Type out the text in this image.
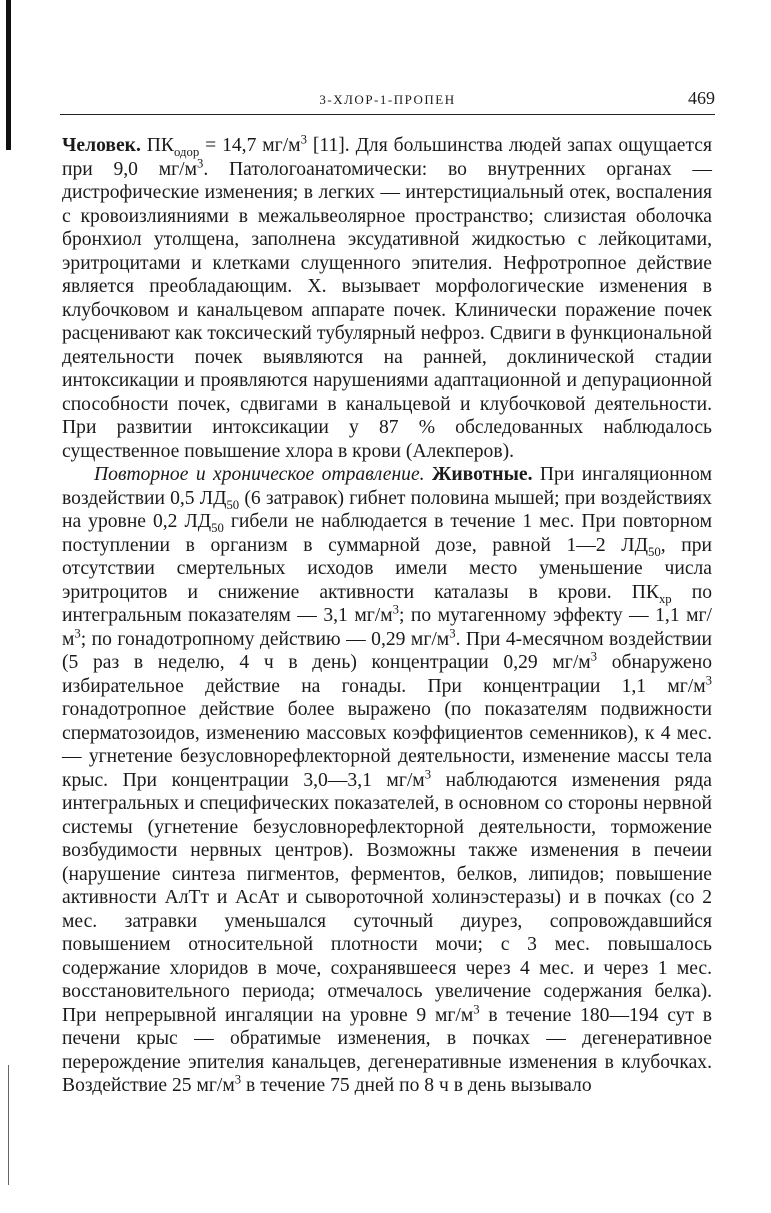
3-ХЛОР-1-ПРОПЕН	469

Человек. $ПК_{одор} = 14,7$ $мг/м^3$ [11]. Для большинства людей запах ощущается при 9,0 $мг/м^3$. Патологоанатомически: во внутренних органах — дистрофические изменения; в легких — интерстициальный отек, воспаления с кровоизлияниями в межальвеолярное пространство; слизистая оболочка бронхиол утолщена, заполнена эксудативной жидкостью с лейкоцитами, эритроцитами и клетками слущенного эпителия. Нефротропное действие является преобладающим. Х. вызывает морфологические изменения в клубочковом и канальцевом аппарате почек. Клинически поражение почек расценивают как токсический тубулярный нефроз. Сдвиги в функциональной деятельности почек выявляются на ранней, доклинической стадии интоксикации и проявляются нарушениями адаптационной и депурационной способности почек, сдвигами в канальцевой и клубочковой деятельности. При развитии интоксикации у 87 % обследованных наблюдалось существенное повышение хлора в крови (Алекперов).

Повторное и хроническое отравление. Животные. При ингаляционном воздействии 0,5 $ЛД_{50}$ (6 затравок) гибнет половина мышей; при воздействиях на уровне 0,2 $ЛД_{50}$ гибели не наблюдается в течение 1 мес. При повторном поступлении в организм в суммарной дозе, равной 1—2 $ЛД_{50}$, при отсутствии смертельных исходов имели место уменьшение числа эритроцитов и снижение активности каталазы в крови. $ПК_{хр}$ по интегральным показателям — 3,1 $мг/м^3$; по мутагенному эффекту — 1,1 $мг/м^3$; по гонадотропному действию — 0,29 $мг/м^3$. При 4-месячном воздействии (5 раз в неделю, 4 ч в день) концентрации 0,29 $мг/м^3$ обнаружено избирательное действие на гонады. При концентрации 1,1 $мг/м^3$ гонадотропное действие более выражено (по показателям подвижности сперматозоидов, изменению массовых коэффициентов семенников), к 4 мес. — угнетение безусловнорефлекторной деятельности, изменение массы тела крыс. При концентрации 3,0—3,1 $мг/м^3$ наблюдаются изменения ряда интегральных и специфических показателей, в основном со стороны нервной системы (угнетение безусловнорефлекторной деятельности, торможение возбудимости нервных центров). Возможны также изменения в печеии (нарушение синтеза пигментов, ферментов, белков, липидов; повышение активности АлТт и АсАт и сывороточной холинэстеразы) и в почках (со 2 мес. затравки уменьшался суточный диурез, сопровождавшийся повышением относительной плотности мочи; с 3 мес. повышалось содержание хлоридов в моче, сохранявшееся через 4 мес. и через 1 мес. восстановительного периода; отмечалось увеличение содержания белка). При непрерывной ингаляции на уровне 9 $мг/м^3$ в течение 180—194 сут в печени крыс — обратимые изменения, в почках — дегенеративное перерождение эпителия канальцев, дегенеративные изменения в клубочках. Воздействие 25 $мг/м^3$ в течение 75 дней по 8 ч в день вызывало
